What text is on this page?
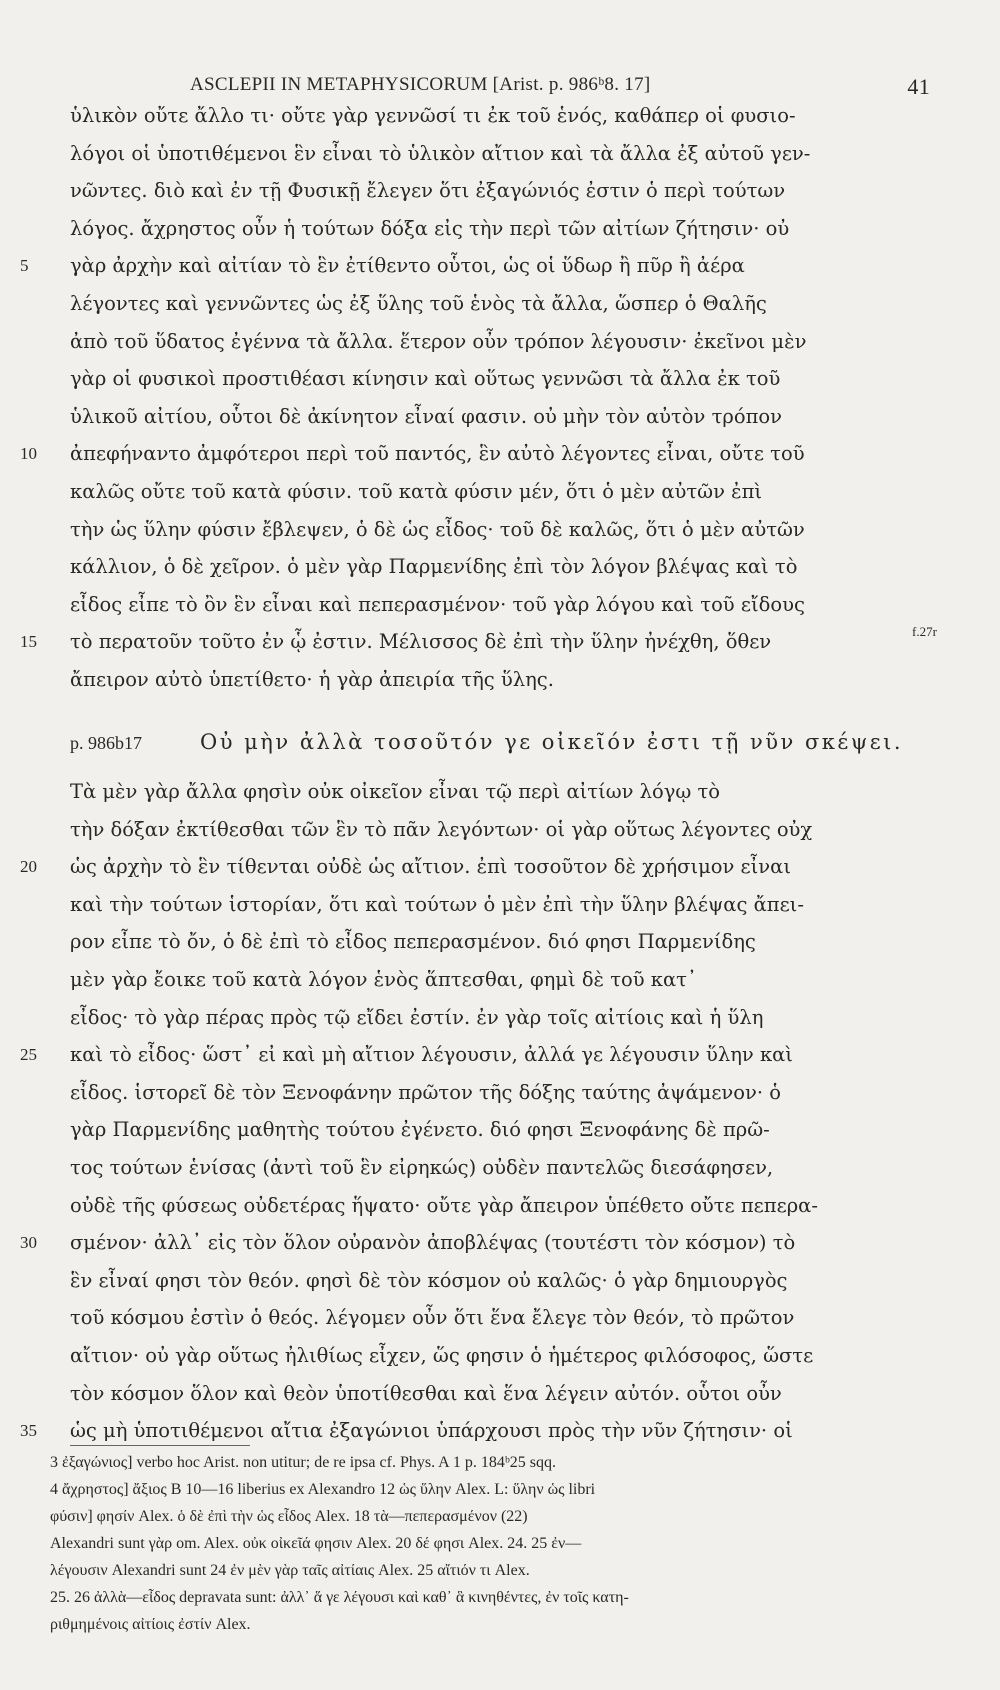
ASCLEPII IN METAPHYSICORUM [Arist. p. 986ᵇ8. 17]	41
ὑλικὸν οὔτε ἄλλο τι· οὔτε γὰρ γεννῶσί τι ἐκ τοῦ ἑνός, καθάπερ οἱ φυσιο-
λόγοι οἱ ὑποτιθέμενοι ἓν εἶναι τὸ ὑλικὸν αἴτιον καὶ τὰ ἄλλα ἐξ αὐτοῦ γεν-
νῶντες. διὸ καὶ ἐν τῇ Φυσικῇ ἔλεγεν ὅτι ἐξαγώνιός ἐστιν ὁ περὶ τούτων
λόγος. ἄχρηστος οὖν ἡ τούτων δόξα εἰς τὴν περὶ τῶν αἰτίων ζήτησιν· οὐ
5	γὰρ ἀρχὴν καὶ αἰτίαν τὸ ἓν ἐτίθεντο οὗτοι, ὡς οἱ ὕδωρ ἢ πῦρ ἢ ἀέρα
λέγοντες καὶ γεννῶντες ὡς ἐξ ὕλης τοῦ ἑνὸς τὰ ἄλλα, ὥσπερ ὁ Θαλῆς
ἀπὸ τοῦ ὕδατος ἐγέννα τὰ ἄλλα. ἕτερον οὖν τρόπον λέγουσιν· ἐκεῖνοι μὲν
γὰρ οἱ φυσικοὶ προστιθέασι κίνησιν καὶ οὕτως γεννῶσι τὰ ἄλλα ἐκ τοῦ
ὑλικοῦ αἰτίου, οὗτοι δὲ ἀκίνητον εἶναί φασιν. οὐ μὴν τὸν αὐτὸν τρόπον
10	ἀπεφήναντο ἀμφότεροι περὶ τοῦ παντός, ἓν αὐτὸ λέγοντες εἶναι, οὔτε τοῦ
καλῶς οὔτε τοῦ κατὰ φύσιν. τοῦ κατὰ φύσιν μέν, ὅτι ὁ μὲν αὐτῶν ἐπὶ
τὴν ὡς ὕλην φύσιν ἔβλεψεν, ὁ δὲ ὡς εἶδος· τοῦ δὲ καλῶς, ὅτι ὁ μὲν αὐτῶν
κάλλιον, ὁ δὲ χεῖρον. ὁ μὲν γὰρ Παρμενίδης ἐπὶ τὸν λόγον βλέψας καὶ τὸ
εἶδος εἶπε τὸ ὂν ἓν εἶναι καὶ πεπερασμένον· τοῦ γὰρ λόγου καὶ τοῦ εἴδους
15	τὸ περατοῦν τοῦτο ἐν ᾧ ἐστιν. Μέλισσος δὲ ἐπὶ τὴν ὕλην ἠνέχθη, ὅθεν
ἄπειρον αὐτὸ ὑπετίθετο· ἡ γὰρ ἀπειρία τῆς ὕλης.
f.27r
p. 986b17	Οὐ μὴν ἀλλὰ τοσοῦτόν γε οἰκεῖόν ἐστι τῇ νῦν σκέψει.
Τὰ μὲν γὰρ ἄλλα φησὶν οὐκ οἰκεῖον εἶναι τῷ περὶ αἰτίων λόγῳ τὸ
τὴν δόξαν ἐκτίθεσθαι τῶν ἓν τὸ πᾶν λεγόντων· οἱ γὰρ οὕτως λέγοντες οὐχ
20	ὡς ἀρχὴν τὸ ἓν τίθενται οὐδὲ ὡς αἴτιον. ἐπὶ τοσοῦτον δὲ χρήσιμον εἶναι
καὶ τὴν τούτων ἱστορίαν, ὅτι καὶ τούτων ὁ μὲν ἐπὶ τὴν ὕλην βλέψας ἄπει-
ρον εἶπε τὸ ὄν, ὁ δὲ ἐπὶ τὸ εἶδος πεπερασμένον. διό φησι Παρμενίδης
μὲν γὰρ ἔοικε τοῦ κατὰ λόγον ἑνὸς ἅπτεσθαι, φημὶ δὲ τοῦ κατ᾽
εἶδος· τὸ γὰρ πέρας πρὸς τῷ εἴδει ἐστίν. ἐν γὰρ τοῖς αἰτίοις καὶ ἡ ὕλη
25	καὶ τὸ εἶδος· ὥστ᾽ εἰ καὶ μὴ αἴτιον λέγουσιν, ἀλλά γε λέγουσιν ὕλην καὶ
εἶδος. ἱστορεῖ δὲ τὸν Ξενοφάνην πρῶτον τῆς δόξης ταύτης ἀψάμενον· ὁ
γὰρ Παρμενίδης μαθητὴς τούτου ἐγένετο. διό φησι Ξενοφάνης δὲ πρῶ-
τος τούτων ἑνίσας (ἀντὶ τοῦ ἓν εἰρηκώς) οὐδὲν παντελῶς διεσάφησεν,
οὐδὲ τῆς φύσεως οὐδετέρας ἥψατο· οὔτε γὰρ ἄπειρον ὑπέθετο οὔτε πεπερα-
30	σμένον· ἀλλ᾽ εἰς τὸν ὅλον οὐρανὸν ἀποβλέψας (τουτέστι τὸν κόσμον) τὸ
ἓν εἶναί φησι τὸν θεόν. φησὶ δὲ τὸν κόσμον οὐ καλῶς· ὁ γὰρ δημιουργὸς
τοῦ κόσμου ἐστὶν ὁ θεός. λέγομεν οὖν ὅτι ἕνα ἔλεγε τὸν θεόν, τὸ πρῶτον
αἴτιον· οὐ γὰρ οὕτως ἠλιθίως εἶχεν, ὥς φησιν ὁ ἡμέτερος φιλόσοφος, ὥστε
τὸν κόσμον ὅλον καὶ θεὸν ὑποτίθεσθαι καὶ ἕνα λέγειν αὐτόν. οὗτοι οὖν
35	ὡς μὴ ὑποτιθέμενοι αἴτια ἐξαγώνιοι ὑπάρχουσι πρὸς τὴν νῦν ζήτησιν· οἱ
3 ἐξαγώνιος] verbo hoc Arist. non utitur; de re ipsa cf. Phys. A 1 p. 184ᵇ25 sqq.
4 ἄχρηστος] ἄξιος B 10—16 liberius ex Alexandro 12 ὡς ὕλην Alex. L: ὕλην ὡς libri
φύσιν] φησίν Alex. ὁ δὲ ἐπὶ τὴν ὡς εἶδος Alex. 18 τὰ—πεπερασμένον (22)
Alexandri sunt γὰρ om. Alex. οὐκ οἰκεῖά φησιν Alex. 20 δέ φησι Alex. 24. 25 ἐν—
λέγουσιν Alexandri sunt 24 ἐν μὲν γὰρ ταῖς αἰτίαις Alex. 25 αἴτιόν τι Alex.
25. 26 ἀλλὰ—εἶδος depravata sunt: ἀλλ᾽ ἅ γε λέγουσι καὶ καθ᾽ ἃ κινηθέντες, ἐν τοῖς κατη-
ριθμημένοις αἰτίοις ἐστίν Alex.
